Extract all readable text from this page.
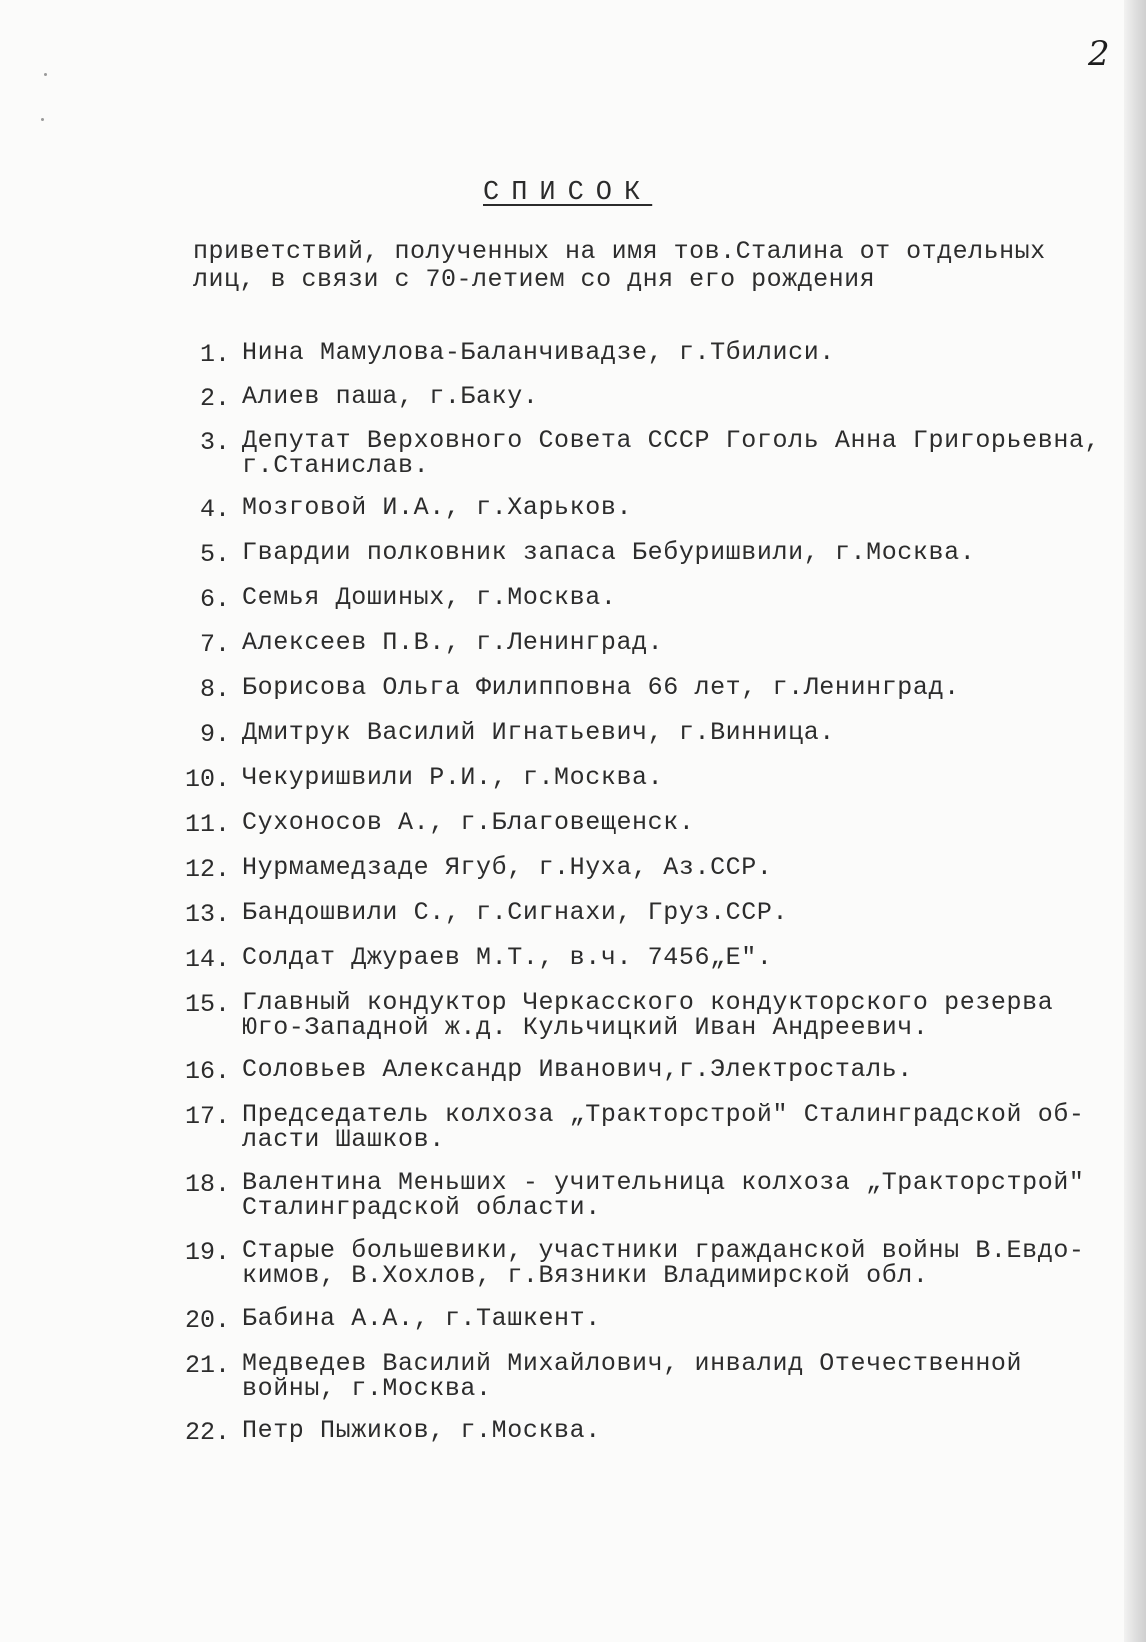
2
СПИСОК
приветствий, полученных на имя тов.Сталина от отдельных
лиц, в связи с 70-летием со дня его рождения
1. Нина Мамулова-Баланчивадзе, г.Тбилиси.
2. Алиев паша, г.Баку.
3. Депутат Верховного Совета СССР Гоголь Анна Григорьевна,
г.Станислав.
4. Мозговой И.А., г.Харьков.
5. Гвардии полковник запаса Бебуришвили, г.Москва.
6. Семья Дошиных, г.Москва.
7. Алексеев П.В., г.Ленинград.
8. Борисова Ольга Филипповна 66 лет, г.Ленинград.
9. Дмитрук Василий Игнатьевич, г.Винница.
10. Чекуришвили Р.И., г.Москва.
11. Сухоносов А., г.Благовещенск.
12. Нурмамедзаде Ягуб, г.Нуха, Аз.ССР.
13. Бандошвили С., г.Сигнахи, Груз.ССР.
14. Солдат Джураев М.Т., в.ч. 7456„Е".
15. Главный кондуктор Черкасского кондукторского резерва
Юго-Западной ж.д. Кульчицкий Иван Андреевич.
16. Соловьев Александр Иванович,г.Электросталь.
17. Председатель колхоза „Тракторстрой" Сталинградской об-
ласти Шашков.
18. Валентина Меньших - учительница колхоза „Тракторстрой"
Сталинградской области.
19. Старые большевики, участники гражданской войны В.Евдо-
кимов, В.Хохлов, г.Вязники Владимирской обл.
20. Бабина А.А., г.Ташкент.
21. Медведев Василий Михайлович, инвалид Отечественной
войны, г.Москва.
22. Петр Пыжиков, г.Москва.
